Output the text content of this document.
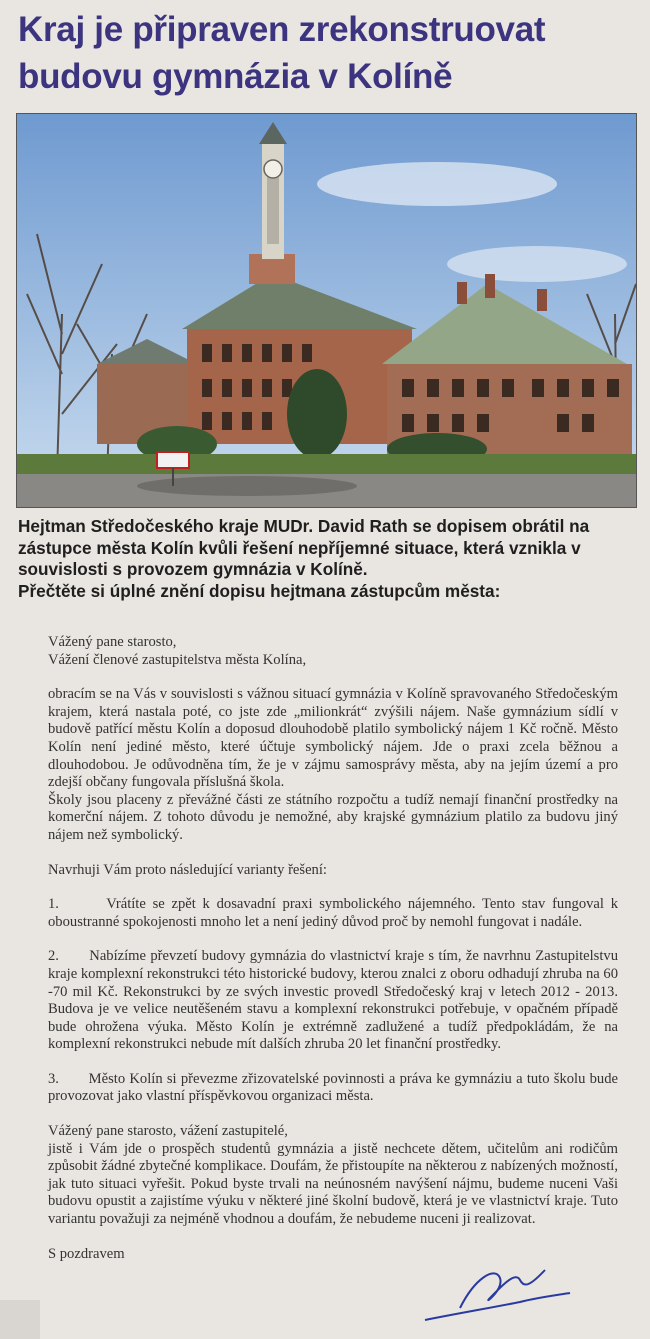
Kraj je připraven zrekonstruovat budovu gymnázia v Kolíně

Hejtman Středočeského kraje MUDr. David Rath se dopisem obrátil na zástupce města Kolín kvůli řešení nepříjemné situace, která vznikla v souvislosti s provozem gymnázia v Kolíně.

Přečtěte si úplné znění dopisu hejtmana zástupcům města:

Vážený pane starosto,

Vážení členové zastupitelstva města Kolína,

obracím se na Vás v souvislosti s vážnou situací gymnázia v Kolíně spravovaného Středočeským krajem, která nastala poté, co jste zde „milionkrát“ zvýšili nájem. Naše gymnázium sídlí v budově patřící městu Kolín a doposud dlouhodobě platilo symbolický nájem 1 Kč ročně. Město Kolín není jediné město, které účtuje symbolický nájem. Jde o praxi zcela běžnou a dlouhodobou. Je odůvodněna tím, že je v zájmu samosprávy města, aby na jejím území a pro zdejší občany fungovala příslušná škola.

Školy jsou placeny z převážné části ze státního rozpočtu a tudíž nemají finanční prostředky na komerční nájem. Z tohoto důvodu je nemožné, aby krajské gymnázium platilo za budovu jiný nájem než symbolický.

Navrhuji Vám proto následující varianty řešení:

1.       Vrátíte se zpět k dosavadní praxi symbolického nájemného. Tento stav fungoval k oboustranné spokojenosti mnoho let a není jediný důvod proč by nemohl fungovat i nadále.

2.       Nabízíme převzetí budovy gymnázia do vlastnictví kraje s tím, že navrhnu Zastupitelstvu kraje komplexní rekonstrukci této historické budovy, kterou znalci z oboru odhadují zhruba na 60 -70 mil Kč. Rekonstrukci by ze svých investic provedl Středočeský kraj v letech 2012 - 2013. Budova je ve velice neutěšeném stavu a komplexní rekonstrukci potřebuje, v opačném případě bude ohrožena výuka. Město Kolín je extrémně zadlužené a tudíž předpokládám, že na komplexní rekonstrukci nebude mít dalších zhruba 20 let finanční prostředky.

3.       Město Kolín si převezme zřizovatelské povinnosti a práva ke gymnáziu a tuto školu bude provozovat jako vlastní příspěvkovou organizaci města.

Vážený pane starosto, vážení zastupitelé,

jistě i Vám jde o prospěch studentů gymnázia a jistě nechcete dětem, učitelům ani rodičům způsobit žádné zbytečné komplikace. Doufám, že přistoupíte na některou z nabízených možností, jak tuto situaci vyřešit. Pokud byste trvali na neúnosném navýšení nájmu, budeme nuceni Vaši budovu opustit a zajistíme výuku v některé jiné školní budově, která je ve vlastnictví kraje. Tuto variantu považuji za nejméně vhodnou a doufám, že nebudeme nuceni ji realizovat.

S pozdravem
